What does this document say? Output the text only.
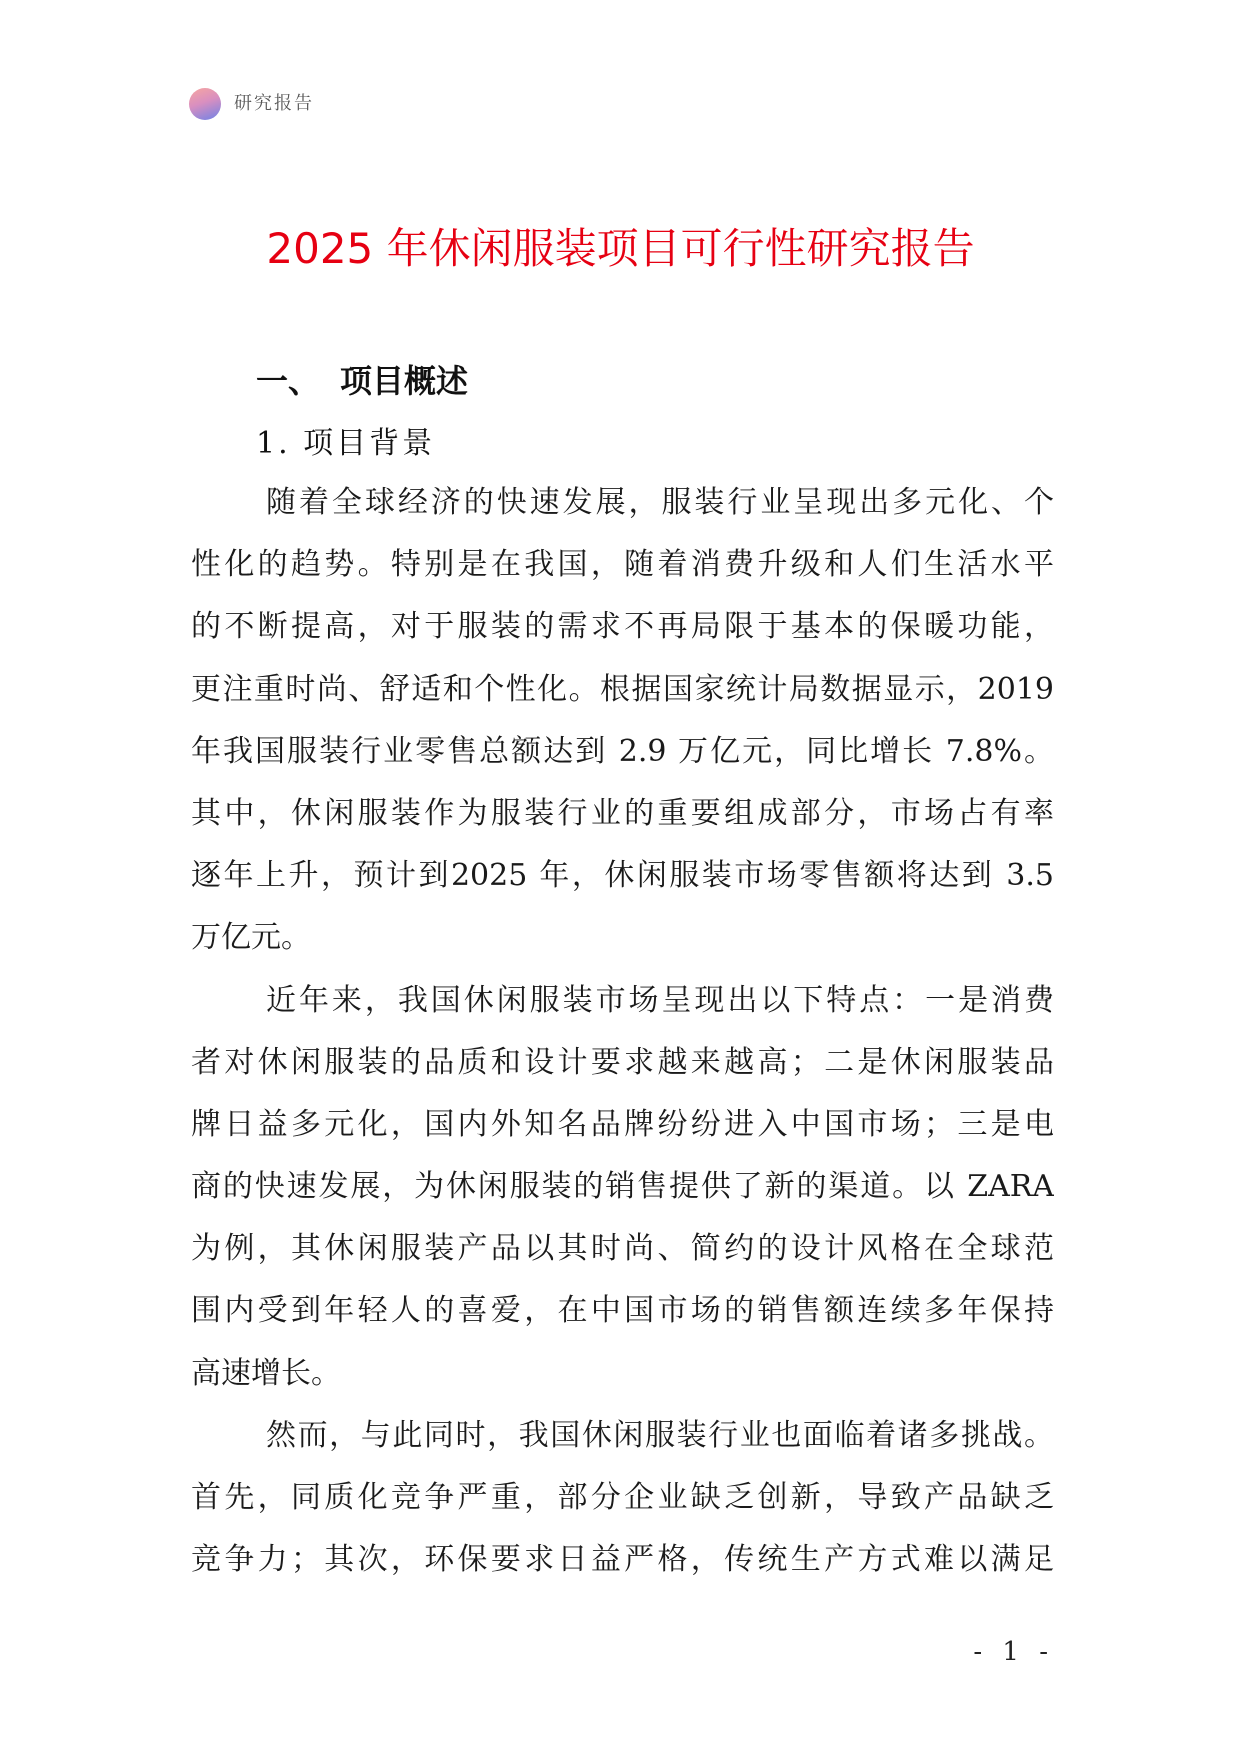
研究报告
2025 年休闲服装项目可行性研究报告
一、 项目概述
1. 项目背景
随着全球经济的快速发展，服装行业呈现出多元化、个
性化的趋势。特别是在我国，随着消费升级和人们生活水平
的不断提高，对于服装的需求不再局限于基本的保暖功能，
更注重时尚、舒适和个性化。根据国家统计局数据显示，2019
年我国服装行业零售总额达到 2.9 万亿元，同比增长 7.8%。
其中，休闲服装作为服装行业的重要组成部分，市场占有率
逐年上升，预计到2025 年，休闲服装市场零售额将达到 3.5
万亿元。
近年来，我国休闲服装市场呈现出以下特点：一是消费
者对休闲服装的品质和设计要求越来越高；二是休闲服装品
牌日益多元化，国内外知名品牌纷纷进入中国市场；三是电
商的快速发展，为休闲服装的销售提供了新的渠道。以 ZARA
为例，其休闲服装产品以其时尚、简约的设计风格在全球范
围内受到年轻人的喜爱，在中国市场的销售额连续多年保持
高速增长。
然而，与此同时，我国休闲服装行业也面临着诸多挑战。
首先，同质化竞争严重，部分企业缺乏创新，导致产品缺乏
竞争力；其次，环保要求日益严格，传统生产方式难以满足
- 1 -
